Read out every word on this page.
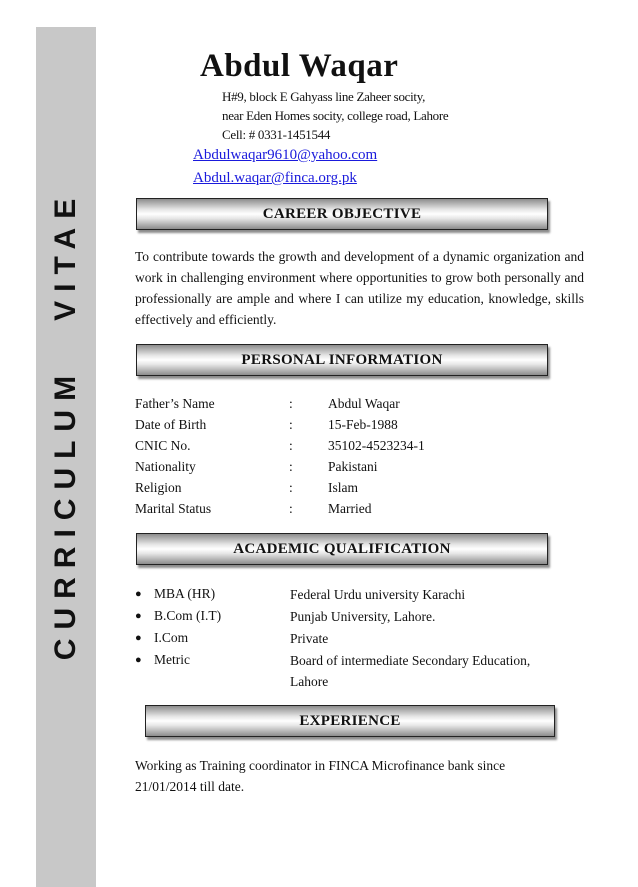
CURRICULUMVITAE
Abdul Waqar
H#9, block E Gahyass line Zaheer socity,
near Eden Homes socity, college road, Lahore
Cell: # 0331-1451544
Abdulwaqar9610@yahoo.com
Abdul.waqar@finca.org.pk
CAREER OBJECTIVE
To contribute towards the growth and development of a dynamic organization and work in challenging environment where opportunities to grow both personally and professionally are ample and where I can utilize my education, knowledge, skills effectively and efficiently.
PERSONAL INFORMATION
Father’s Name	:	Abdul Waqar
Date of Birth	:	15-Feb-1988
CNIC No.	:	35102-4523234-1
Nationality	:	Pakistani
Religion	:	Islam
Marital Status	:	Married
ACADEMIC QUALIFICATION
● MBA (HR)	Federal Urdu university Karachi
● B.Com (I.T)	Punjab University, Lahore.
● I.Com	Private
● Metric	Board of intermediate Secondary Education, Lahore
EXPERIENCE
Working as Training coordinator in FINCA Microfinance bank since 21/01/2014 till date.
